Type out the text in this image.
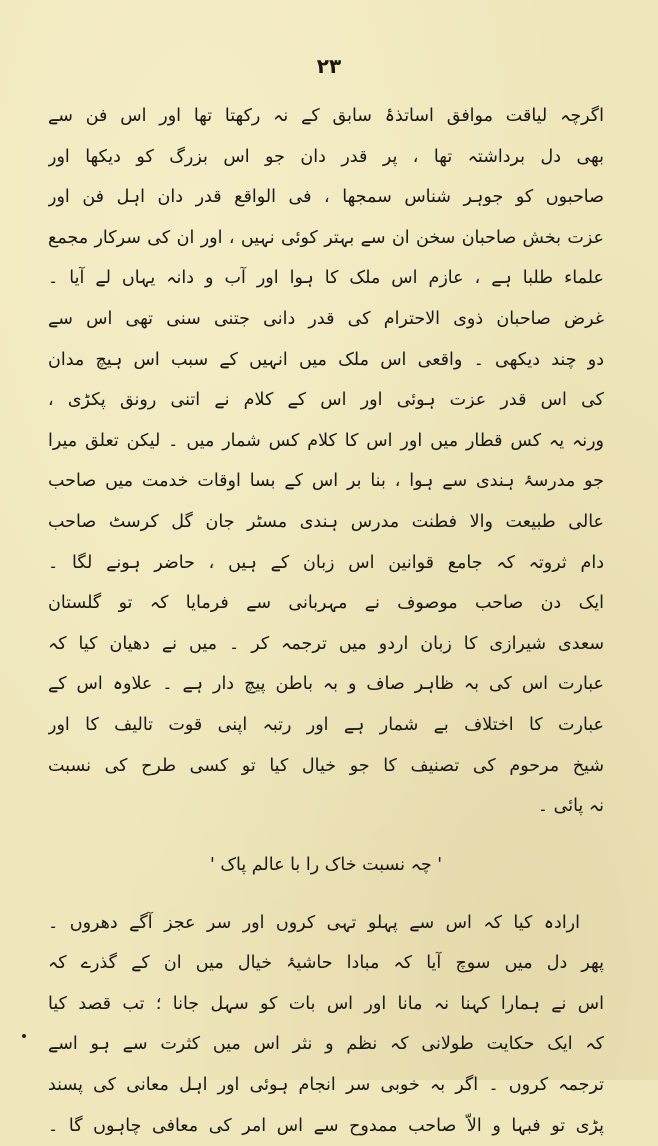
۲۳
اگرچہ لیاقت موافق اساتذۂ سابق کے نہ رکھتا تھا اور اس فن سے
بھی دل برداشتہ تھا ، پر قدر دان جو اس بزرگ کو دیکھا اور
صاحبوں کو جوہر شناس سمجھا ، فی الواقع قدر دان اہل فن اور
عزت بخش صاحبان سخن ان سے بہتر کوئی نہیں ، اور ان کی سرکار مجمع
علماء طلبا ہے ، عازم اس ملک کا ہوا اور آب و دانہ یہاں لے آیا ۔
غرض صاحبان ذوی الاحترام کی قدر دانی جتنی سنی تھی اس سے
دو چند دیکھی ۔ واقعی اس ملک میں انہیں کے سبب اس ہیچ مدان
کی اس قدر عزت ہوئی اور اس کے کلام نے اتنی رونق پکڑی ،
ورنہ یہ کس قطار میں اور اس کا کلام کس شمار میں ۔ لیکن تعلق میرا
جو مدرسۂ ہندی سے ہوا ، بنا بر اس کے بسا اوقات خدمت میں صاحب
عالی طبیعت والا فطنت مدرس ہندی مسٹر جان گل کرسٹ صاحب
دام ثروتہ کہ جامع قوانین اس زبان کے ہیں ، حاضر ہونے لگا ۔
ایک دن صاحب موصوف نے مہربانی سے فرمایا کہ تو گلستان
سعدی شیرازی کا زبان اردو میں ترجمہ کر ۔ میں نے دھیان کیا کہ
عبارت اس کی بہ ظاہر صاف و بہ باطن پیچ دار ہے ۔ علاوہ اس کے
عبارت کا اختلاف بے شمار ہے اور رتبہ اپنی قوت تالیف کا اور
شیخ مرحوم کی تصنیف کا جو خیال کیا تو کسی طرح کی نسبت
نہ پائی ۔
' چہ نسبت خاک را با عالم پاک '
ارادہ کیا کہ اس سے پہلو تہی کروں اور سر عجز آگے دھروں ۔
پھر دل میں سوچ آیا کہ مبادا حاشیۂ خیال میں ان کے گذرے کہ
اس نے ہمارا کہنا نہ مانا اور اس بات کو سہل جانا ؛ تب قصد کیا
کہ ایک حکایت طولانی کہ نظم و نثر اس میں کثرت سے ہو اسے
ترجمہ کروں ۔ اگر بہ خوبی سر انجام ہوئی اور اہل معانی کی پسند
پڑی تو فبہا و الاّ صاحب ممدوح سے اس امر کی معافی چاہوں گا ۔
